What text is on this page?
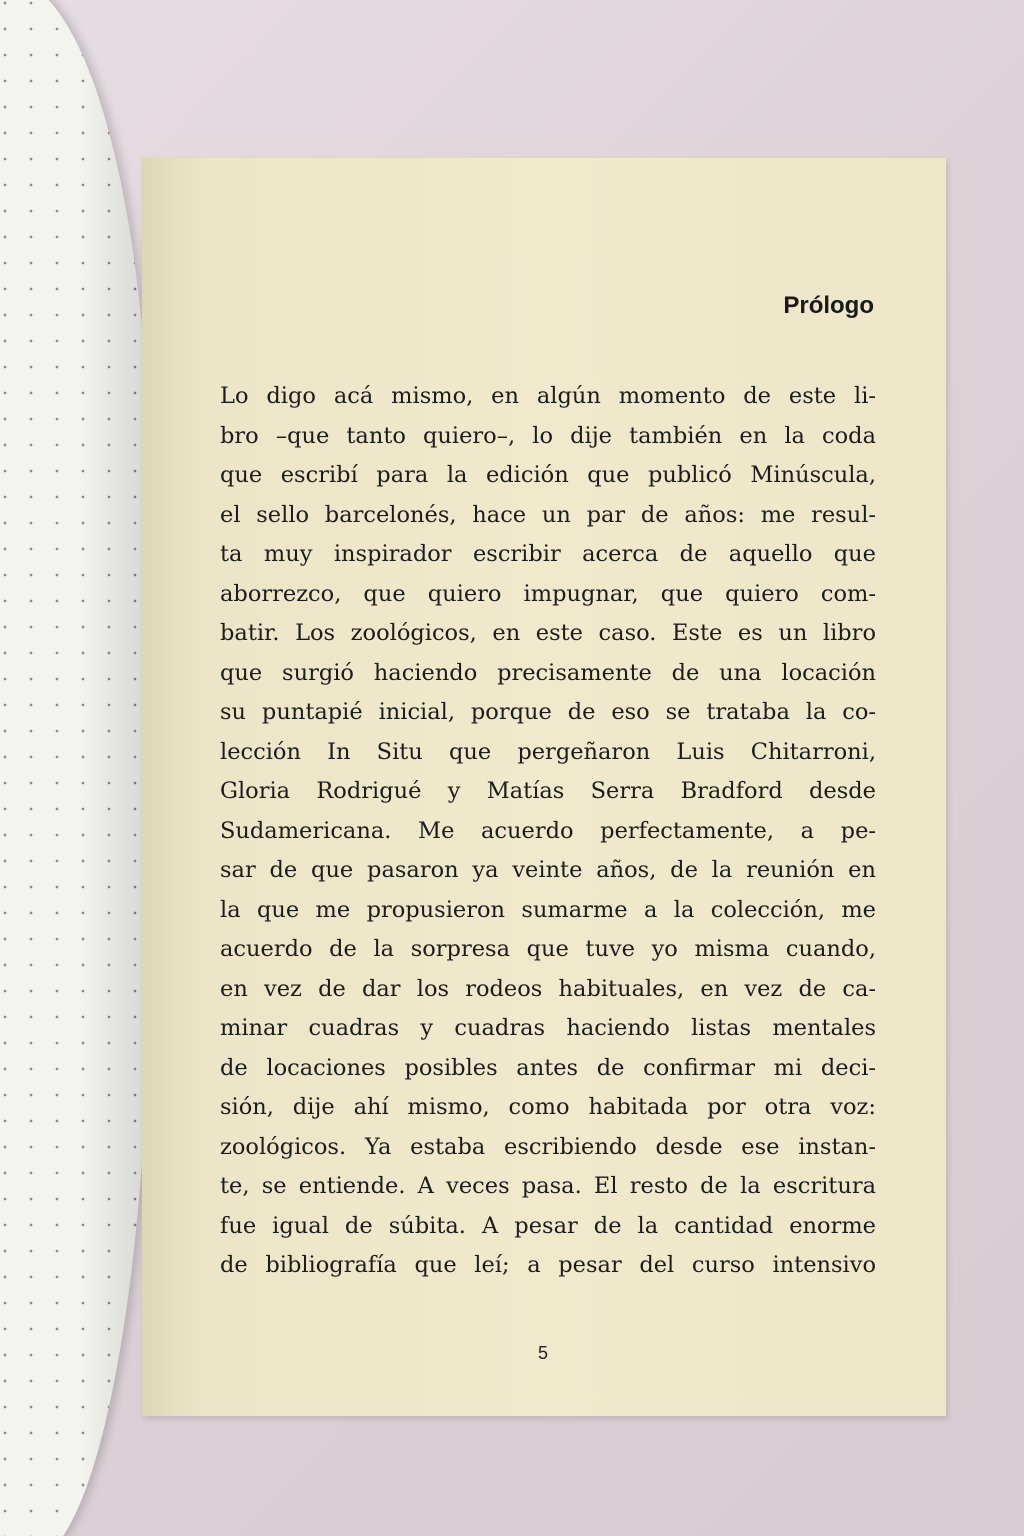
Prólogo
Lo digo acá mismo, en algún momento de este li-
bro –que tanto quiero–, lo dije también en la coda
que escribí para la edición que publicó Minúscula,
el sello barcelonés, hace un par de años: me resul-
ta muy inspirador escribir acerca de aquello que
aborrezco, que quiero impugnar, que quiero com-
batir. Los zoológicos, en este caso. Este es un libro
que surgió haciendo precisamente de una locación
su puntapié inicial, porque de eso se trataba la co-
lección In Situ que pergeñaron Luis Chitarroni,
Gloria Rodrigué y Matías Serra Bradford desde
Sudamericana. Me acuerdo perfectamente, a pe-
sar de que pasaron ya veinte años, de la reunión en
la que me propusieron sumarme a la colección, me
acuerdo de la sorpresa que tuve yo misma cuando,
en vez de dar los rodeos habituales, en vez de ca-
minar cuadras y cuadras haciendo listas mentales
de locaciones posibles antes de confirmar mi deci-
sión, dije ahí mismo, como habitada por otra voz:
zoológicos. Ya estaba escribiendo desde ese instan-
te, se entiende. A veces pasa. El resto de la escritura
fue igual de súbita. A pesar de la cantidad enorme
de bibliografía que leí; a pesar del curso intensivo
5
